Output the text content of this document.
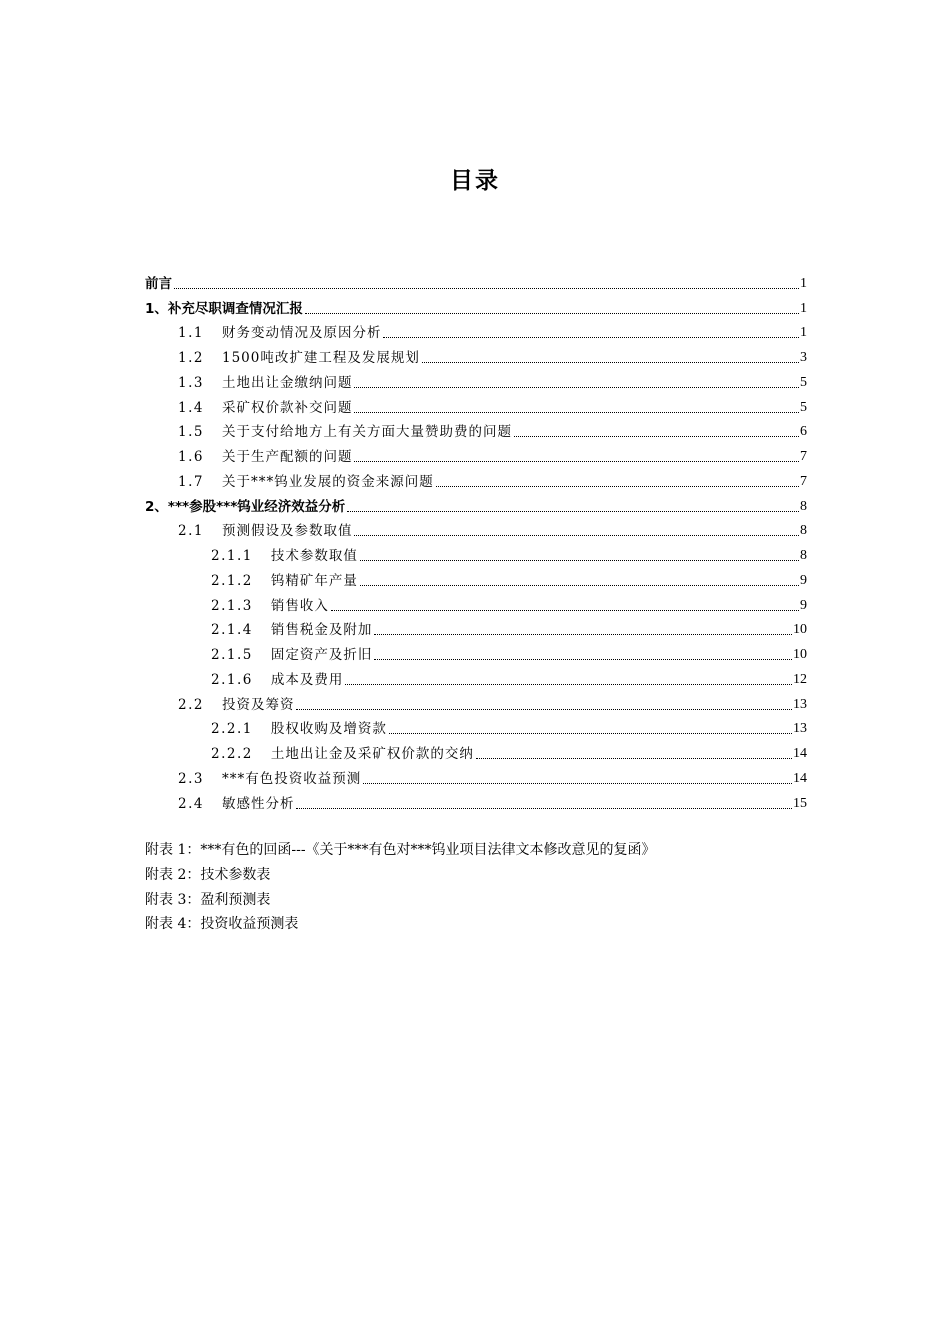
目录
前言	1
1、补充尽职调查情况汇报	1
1.1 财务变动情况及原因分析	1
1.2 1500吨改扩建工程及发展规划	3
1.3 土地出让金缴纳问题	5
1.4 采矿权价款补交问题	5
1.5 关于支付给地方上有关方面大量赞助费的问题	6
1.6 关于生产配额的问题	7
1.7 关于***钨业发展的资金来源问题	7
2、***参股***钨业经济效益分析	8
2.1 预测假设及参数取值	8
2.1.1 技术参数取值	8
2.1.2 钨精矿年产量	9
2.1.3 销售收入	9
2.1.4 销售税金及附加	10
2.1.5 固定资产及折旧	10
2.1.6 成本及费用	12
2.2 投资及筹资	13
2.2.1 股权收购及增资款	13
2.2.2 土地出让金及采矿权价款的交纳	14
2.3 ***有色投资收益预测	14
2.4 敏感性分析	15
附表 1：***有色的回函---《关于***有色对***钨业项目法律文本修改意见的复函》
附表 2：技术参数表
附表 3：盈利预测表
附表 4：投资收益预测表
